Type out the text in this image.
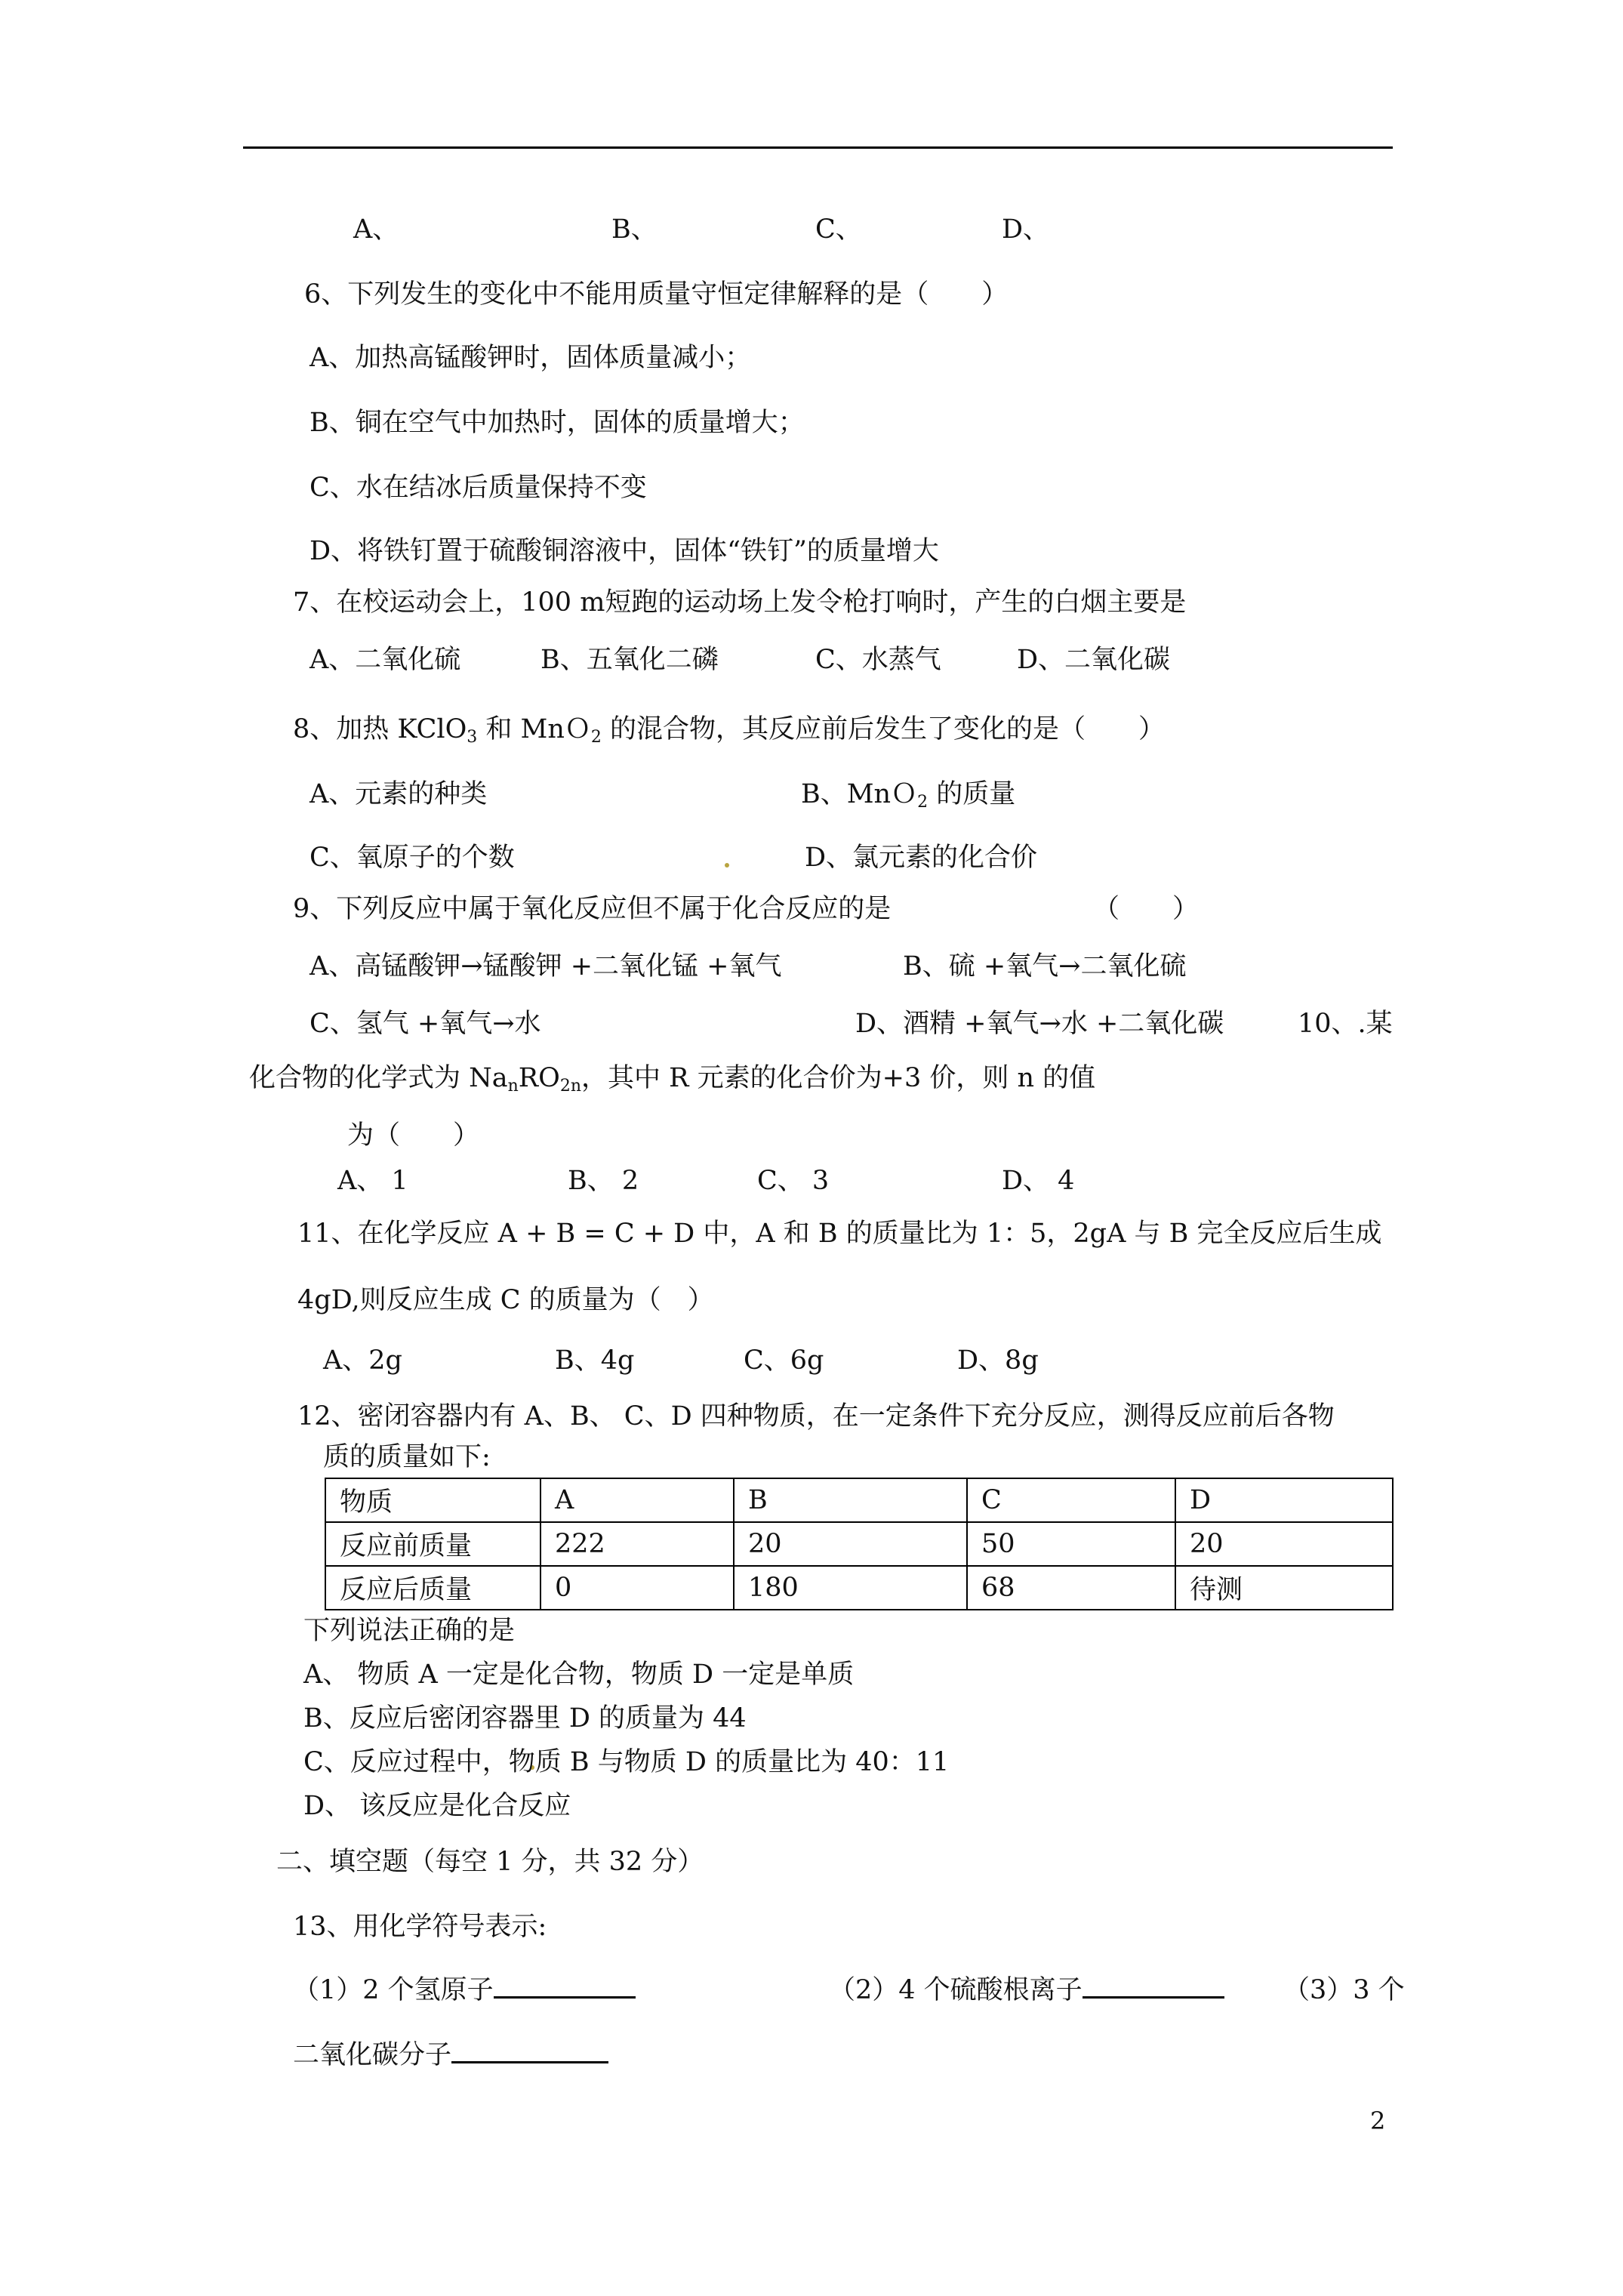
A、	B、	C、	D、
6、下列发生的变化中不能用质量守恒定律解释的是（　　）
A、加热高锰酸钾时，固体质量减小；
B、铜在空气中加热时，固体的质量增大；
C、水在结冰后质量保持不变
D、将铁钉置于硫酸铜溶液中，固体“铁钉”的质量增大
7、在校运动会上，100 m短跑的运动场上发令枪打响时，产生的白烟主要是
A、二氧化硫	B、五氧化二磷	C、水蒸气	D、二氧化碳
8、加热 KClO$_3$ 和 MnＯ$_2$ 的混合物，其反应前后发生了变化的是（　　）
A、元素的种类	B、MnＯ$_2$ 的质量
C、氧原子的个数	D、氯元素的化合价
9、下列反应中属于氧化反应但不属于化合反应的是	（　　）
A、高锰酸钾→锰酸钾 +二氧化锰 +氧气	B、硫 +氧气→二氧化硫
C、氢气 +氧气→水	D、酒精 +氧气→水 +二氧化碳	10、.某
化合物的化学式为 $Na_nRO_{2n}$，其中 R 元素的化合价为+3 价，则 n 的值
为（　　）
A、 1	B、 2	C、 3	D、 4
11、在化学反应 A + B = C + D 中，A 和 B 的质量比为 1：5，2gA 与 B 完全反应后生成
4gD,则反应生成 C 的质量为（　）
A、2g	B、4g	C、6g	D、8g
12、密闭容器内有 A、B、 C、D 四种物质，在一定条件下充分反应，测得反应前后各物
质的质量如下:
物质	A	B	C	D
反应前质量	222	20	50	20
反应后质量	0	180	68	待测
下列说法正确的是
A、 物质 A 一定是化合物，物质 D 一定是单质
B、反应后密闭容器里 D 的质量为 44
C、反应过程中，物质 B 与物质 D 的质量比为 40：11
D、 该反应是化合反应
二、填空题（每空 1 分，共 32 分）
13、用化学符号表示:
（1）2 个氢原子	（2）4 个硫酸根离子	（3）3 个
二氧化碳分子
2
